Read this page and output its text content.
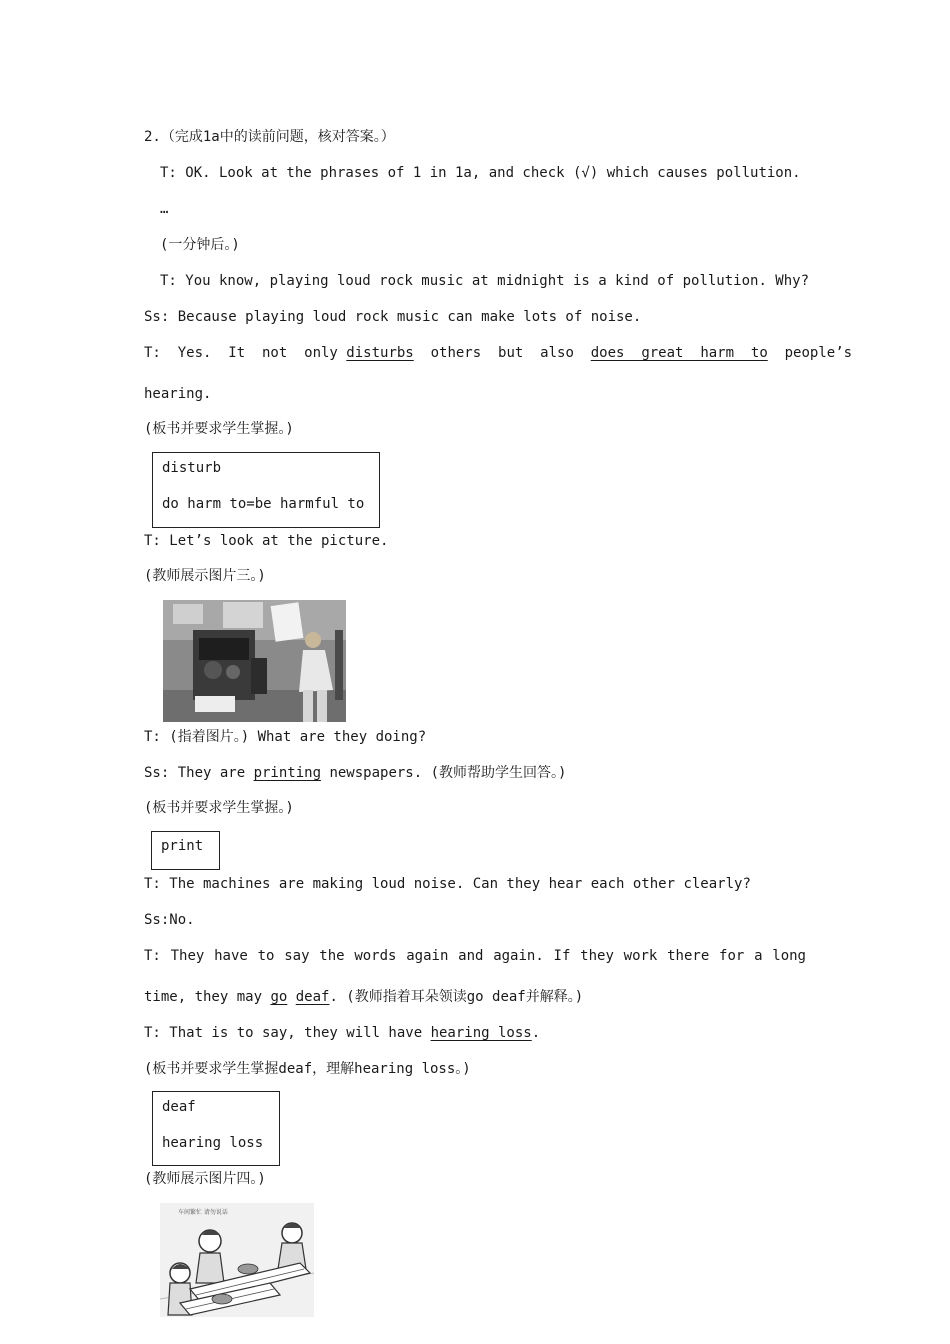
2.（完成1a中的读前问题，核对答案。）
T: OK. Look at the phrases of 1 in 1a, and check (√) which causes pollution.
…
(一分钟后。)
T: You know, playing loud rock music at midnight is a kind of pollution. Why?
Ss: Because playing loud rock music can make lots of noise.
T:  Yes.  It  not  only disturbs  others  but  also  does  great  harm  to  people’s
hearing.
(板书并要求学生掌握。)
disturb
do harm to=be harmful to
T: Let’s look at the picture.
(教师展示图片三。)
T: (指着图片。) What are they doing?
Ss: They are printing newspapers. (教师帮助学生回答。)
(板书并要求学生掌握。)
print
T: The machines are making loud noise. Can they hear each other clearly?
Ss:No.
T: They have to say the words again and again. If they work there for a long
time, they may go deaf. (教师指着耳朵领读go deaf并解释。)
T: That is to say, they will have hearing loss.
(板书并要求学生掌握deaf，理解hearing loss。)
deaf
hearing loss
(教师展示图片四。)
车间繁忙 请勿说话
